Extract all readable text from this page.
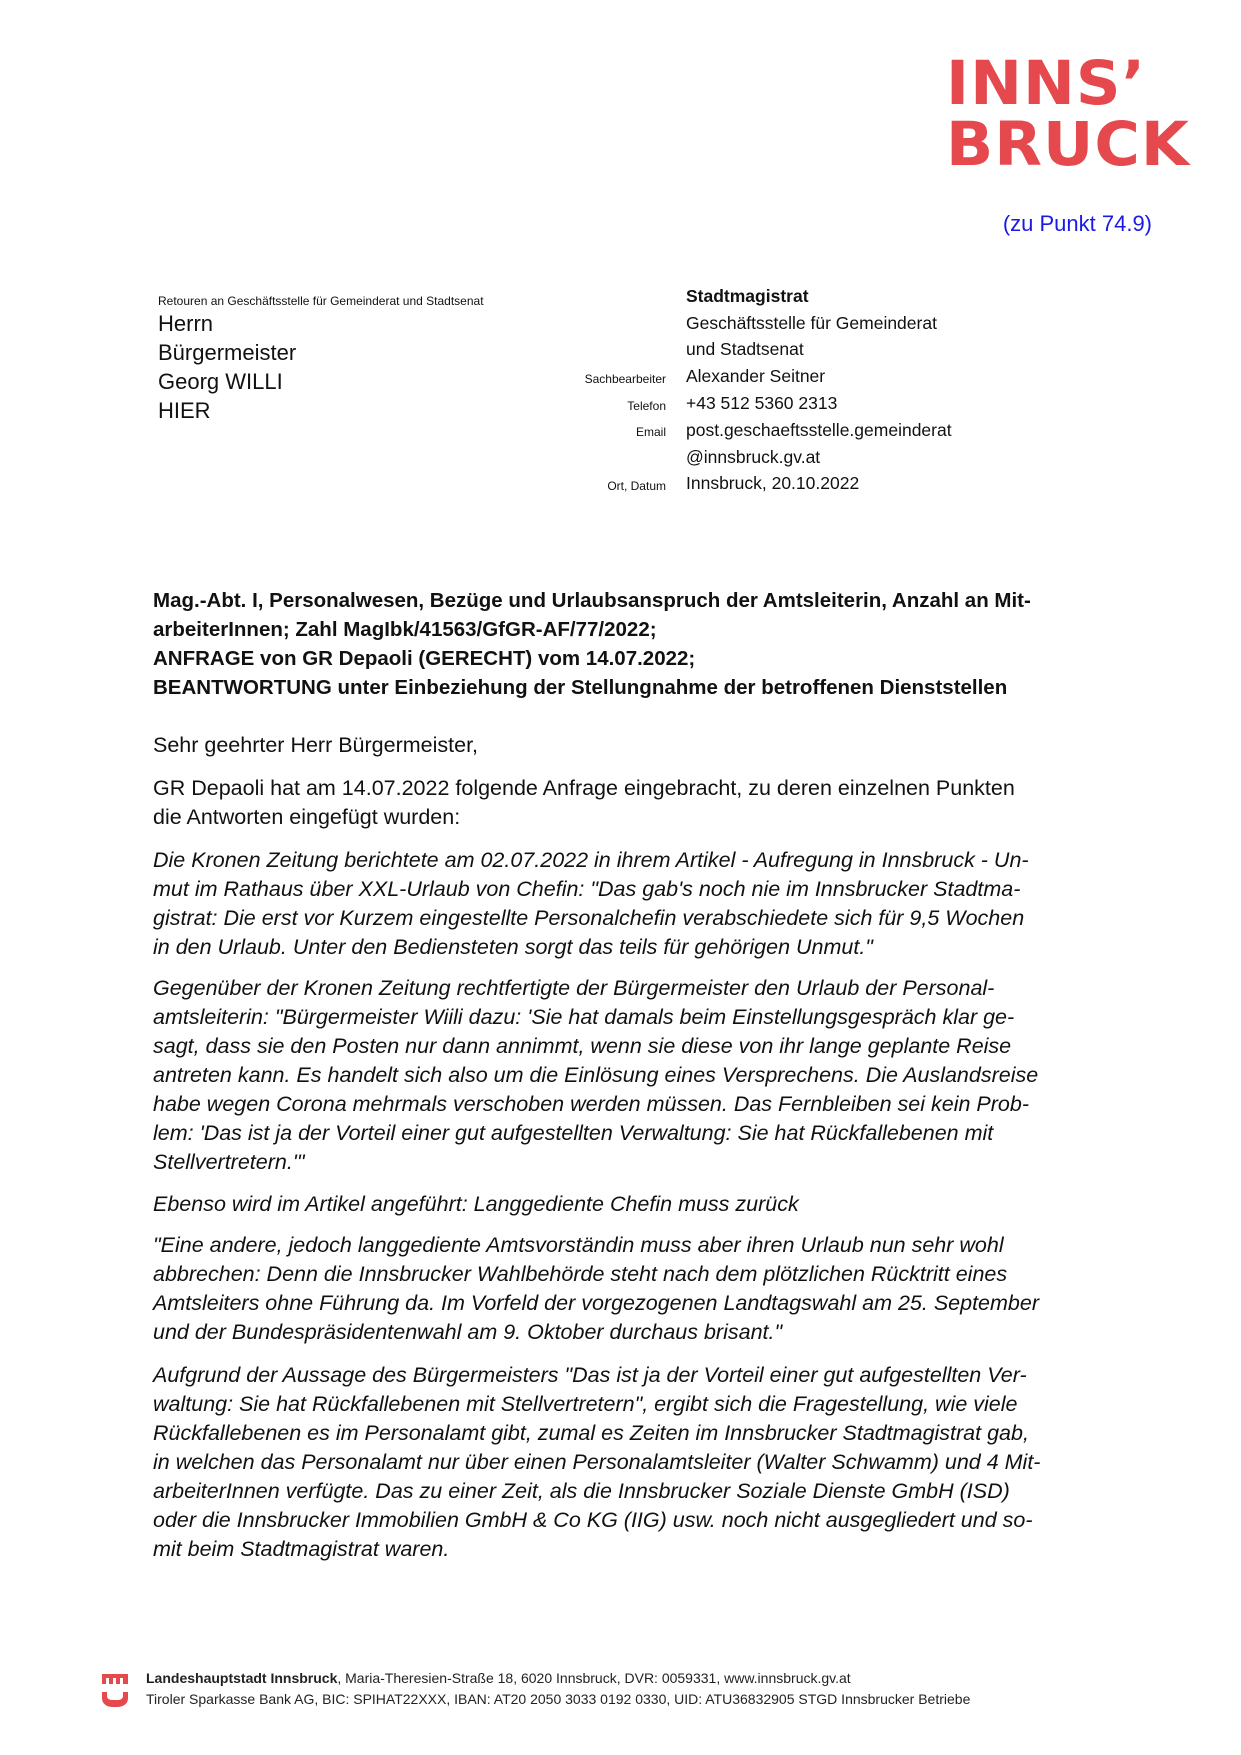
INNS’
BRUCK
(zu Punkt 74.9)
Retouren an Geschäftsstelle für Gemeinderat und Stadtsenat
Herrn
Bürgermeister
Georg WILLI
HIER
Stadtmagistrat
Geschäftsstelle für Gemeinderat
und Stadtsenat
Sachbearbeiter	Alexander Seitner
Telefon	+43 512 5360 2313
Email	post.geschaeftsstelle.gemeinderat
@innsbruck.gv.at
Ort, Datum	Innsbruck, 20.10.2022
Mag.-Abt. I, Personalwesen, Bezüge und Urlaubsanspruch der Amtsleiterin, Anzahl an Mit-
arbeiterInnen; Zahl MagIbk/41563/GfGR-AF/77/2022;
ANFRAGE von GR Depaoli (GERECHT) vom 14.07.2022;
BEANTWORTUNG unter Einbeziehung der Stellungnahme der betroffenen Dienststellen
Sehr geehrter Herr Bürgermeister,
GR Depaoli hat am 14.07.2022 folgende Anfrage eingebracht, zu deren einzelnen Punkten
die Antworten eingefügt wurden:
Die Kronen Zeitung berichtete am 02.07.2022 in ihrem Artikel - Aufregung in Innsbruck - Un-
mut im Rathaus über XXL-Urlaub von Chefin: "Das gab's noch nie im Innsbrucker Stadtma-
gistrat: Die erst vor Kurzem eingestellte Personalchefin verabschiedete sich für 9,5 Wochen
in den Urlaub. Unter den Bediensteten sorgt das teils für gehörigen Unmut."
Gegenüber der Kronen Zeitung rechtfertigte der Bürgermeister den Urlaub der Personal-
amtsleiterin: "Bürgermeister Wiili dazu: 'Sie hat damals beim Einstellungsgespräch klar ge-
sagt, dass sie den Posten nur dann annimmt, wenn sie diese von ihr lange geplante Reise
antreten kann. Es handelt sich also um die Einlösung eines Versprechens. Die Auslandsreise
habe wegen Corona mehrmals verschoben werden müssen. Das Fernbleiben sei kein Prob-
lem: 'Das ist ja der Vorteil einer gut aufgestellten Verwaltung: Sie hat Rückfallebenen mit
Stellvertretern.'"
Ebenso wird im Artikel angeführt: Langgediente Chefin muss zurück
"Eine andere, jedoch langgediente Amtsvorständin muss aber ihren Urlaub nun sehr wohl
abbrechen: Denn die Innsbrucker Wahlbehörde steht nach dem plötzlichen Rücktritt eines
Amtsleiters ohne Führung da. Im Vorfeld der vorgezogenen Landtagswahl am 25. September
und der Bundespräsidentenwahl am 9. Oktober durchaus brisant."
Aufgrund der Aussage des Bürgermeisters "Das ist ja der Vorteil einer gut aufgestellten Ver-
waltung: Sie hat Rückfallebenen mit Stellvertretern", ergibt sich die Fragestellung, wie viele
Rückfallebenen es im Personalamt gibt, zumal es Zeiten im Innsbrucker Stadtmagistrat gab,
in welchen das Personalamt nur über einen Personalamtsleiter (Walter Schwamm) und 4 Mit-
arbeiterInnen verfügte. Das zu einer Zeit, als die Innsbrucker Soziale Dienste GmbH (ISD)
oder die Innsbrucker Immobilien GmbH & Co KG (IIG) usw. noch nicht ausgegliedert und so-
mit beim Stadtmagistrat waren.
Landeshauptstadt Innsbruck, Maria-Theresien-Straße 18, 6020 Innsbruck, DVR: 0059331, www.innsbruck.gv.at
Tiroler Sparkasse Bank AG, BIC: SPIHAT22XXX, IBAN: AT20 2050 3033 0192 0330, UID: ATU36832905 STGD Innsbrucker Betriebe
